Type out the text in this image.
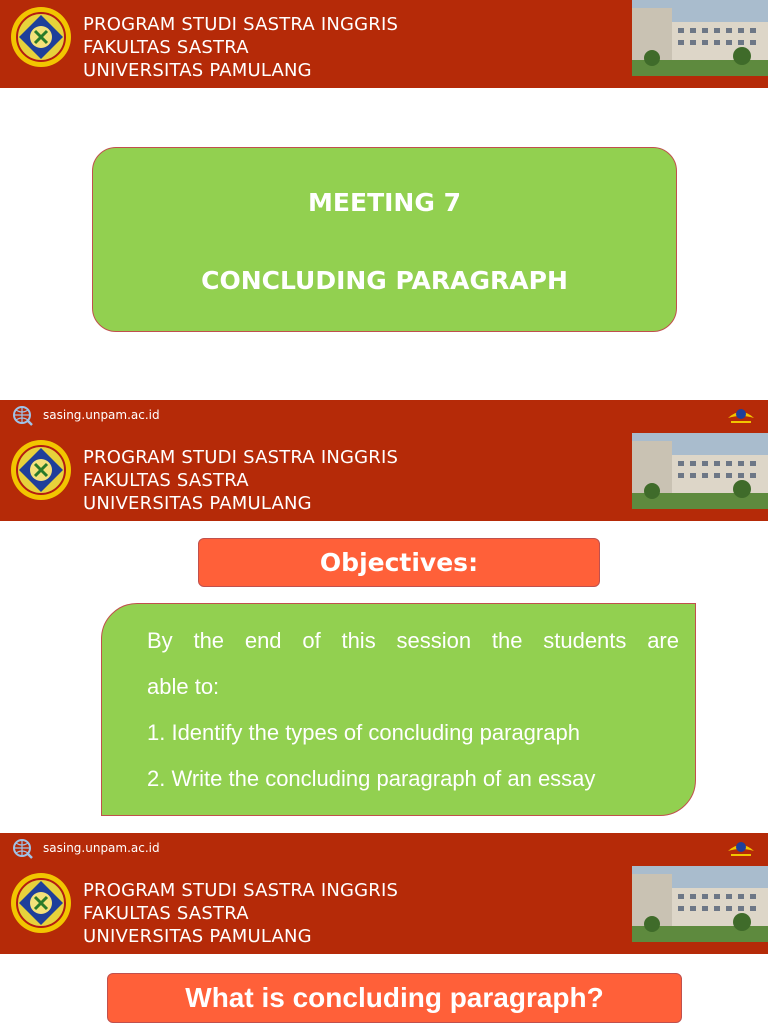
PROGRAM STUDI SASTRA INGGRIS
FAKULTAS SASTRA
UNIVERSITAS PAMULANG
MEETING 7
CONCLUDING PARAGRAPH
sasing.unpam.ac.id
PROGRAM STUDI SASTRA INGGRIS
FAKULTAS SASTRA
UNIVERSITAS PAMULANG
Objectives:
By the end of this session the students are
able to:
1. Identify the types of concluding paragraph
2. Write the concluding paragraph of an essay
sasing.unpam.ac.id
PROGRAM STUDI SASTRA INGGRIS
FAKULTAS SASTRA
UNIVERSITAS PAMULANG
What is concluding paragraph?
